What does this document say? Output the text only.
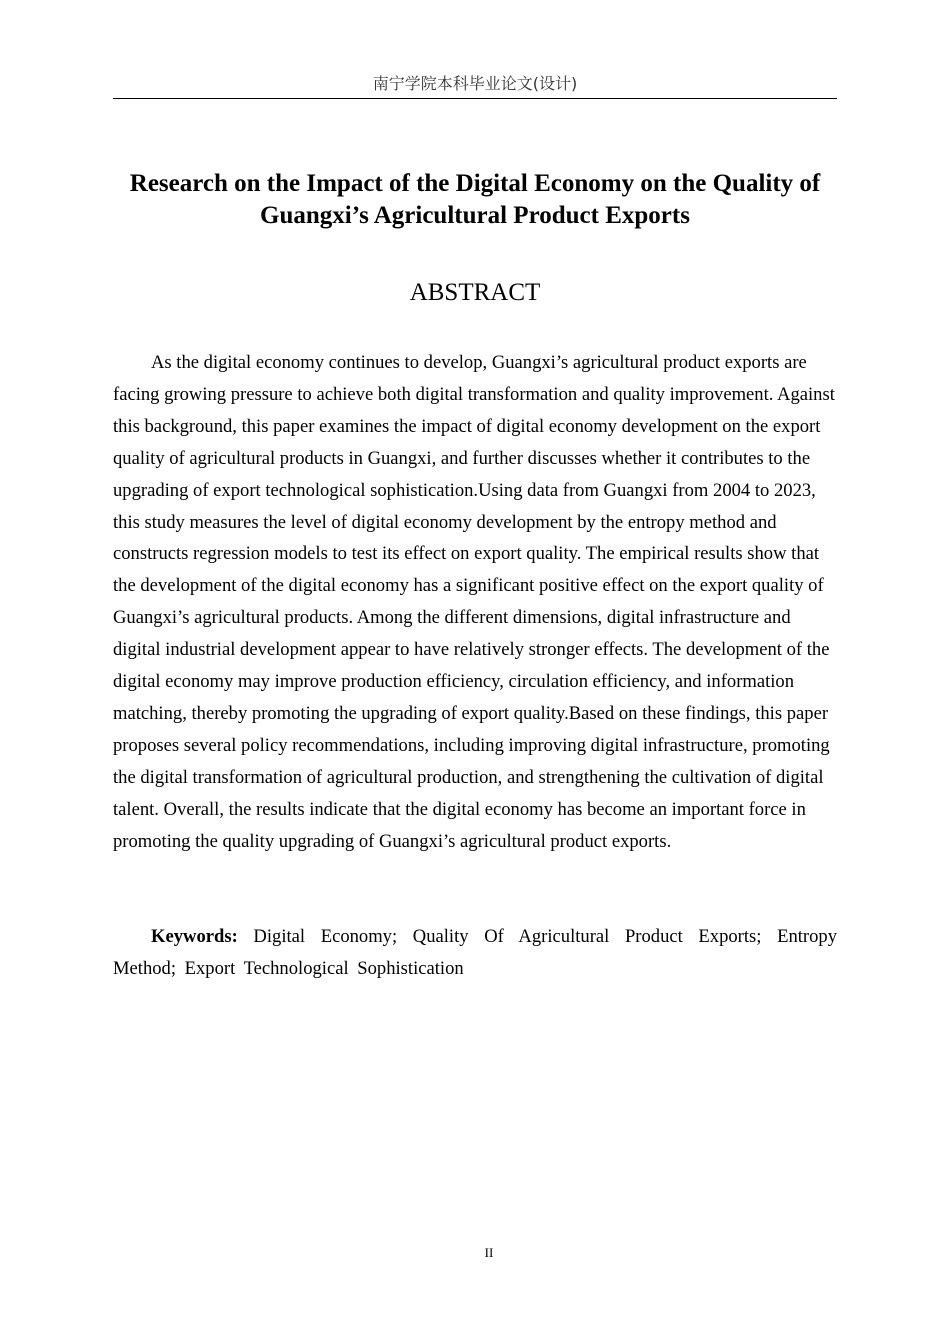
南宁学院本科毕业论文(设计)
Research on the Impact of the Digital Economy on the Quality of
Guangxi’s Agricultural Product Exports
ABSTRACT

As the digital economy continues to develop, Guangxi’s agricultural product exports are facing growing pressure to achieve both digital transformation and quality improvement. Against this background, this paper examines the impact of digital economy development on the export quality of agricultural products in Guangxi, and further discusses whether it contributes to the upgrading of export technological sophistication.Using data from Guangxi from 2004 to 2023, this study measures the level of digital economy development by the entropy method and constructs regression models to test its effect on export quality. The empirical results show that the development of the digital economy has a significant positive effect on the export quality of Guangxi’s agricultural products. Among the different dimensions, digital infrastructure and digital industrial development appear to have relatively stronger effects. The development of the digital economy may improve production efficiency, circulation efficiency, and information matching, thereby promoting the upgrading of export quality.Based on these findings, this paper proposes several policy recommendations, including improving digital infrastructure, promoting the digital transformation of agricultural production, and strengthening the cultivation of digital talent. Overall, the results indicate that the digital economy has become an important force in promoting the quality upgrading of Guangxi’s agricultural product exports.

Keywords: Digital Economy; Quality Of Agricultural Product Exports; Entropy Method; Export Technological Sophistication

II
